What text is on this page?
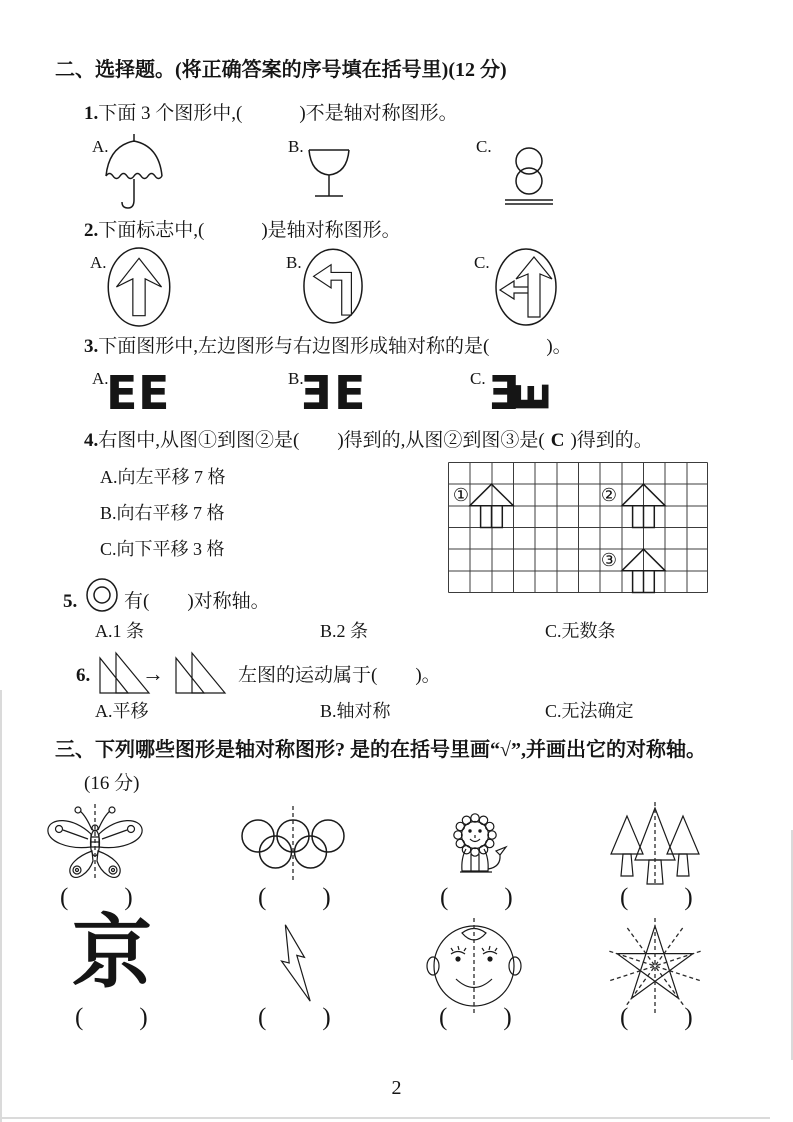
二、选择题。(将正确答案的序号填在括号里)(12 分)
1.下面 3 个图形中,(　　　)不是轴对称图形。
A.	B.	C.
2.下面标志中,(　　　)是轴对称图形。
A.	B.	C.
3.下面图形中,左边图形与右边图形成轴对称的是(　　　)。
A.	B.	C.
E E	E E	E
E
4.右图中,从图①到图②是(　　)得到的,从图②到图③是( C )得到的。
A.向左平移 7 格
B.向右平移 7 格
C.向下平移 3 格
①	②
③
5. 有(　　)对称轴。
A.1 条	B.2 条	C.无数条
6. →	左图的运动属于(　　)。
A.平移	B.轴对称	C.无法确定
三、下列哪些图形是轴对称图形? 是的在括号里画“√”,并画出它的对称轴。
(16 分)
(　　)	(　　)	(　　)	(　　)
京
(　　)	(　　)	(　　)	(　　)
2
